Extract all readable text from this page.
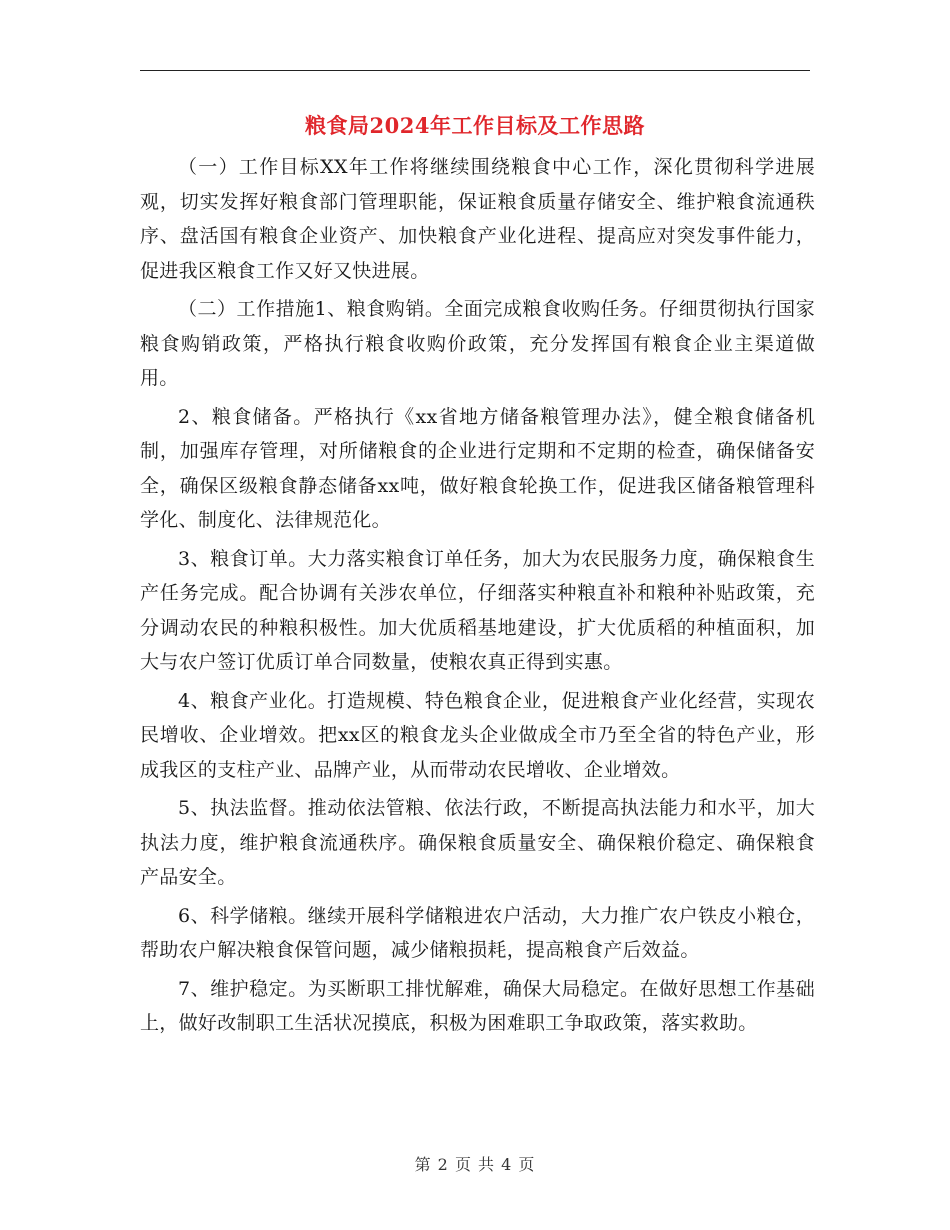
粮食局2024年工作目标及工作思路

（一）工作目标XX年工作将继续围绕粮食中心工作，深化贯彻科学进展观，切实发挥好粮食部门管理职能，保证粮食质量存储安全、维护粮食流通秩序、盘活国有粮食企业资产、加快粮食产业化进程、提高应对突发事件能力，促进我区粮食工作又好又快进展。

（二）工作措施1、粮食购销。全面完成粮食收购任务。仔细贯彻执行国家粮食购销政策，严格执行粮食收购价政策，充分发挥国有粮食企业主渠道做用。

2、粮食储备。严格执行《xx省地方储备粮管理办法》，健全粮食储备机制，加强库存管理，对所储粮食的企业进行定期和不定期的检查，确保储备安全，确保区级粮食静态储备xx吨，做好粮食轮换工作，促进我区储备粮管理科学化、制度化、法律规范化。

3、粮食订单。大力落实粮食订单任务，加大为农民服务力度，确保粮食生产任务完成。配合协调有关涉农单位，仔细落实种粮直补和粮种补贴政策，充分调动农民的种粮积极性。加大优质稻基地建设，扩大优质稻的种植面积，加大与农户签订优质订单合同数量，使粮农真正得到实惠。

4、粮食产业化。打造规模、特色粮食企业，促进粮食产业化经营，实现农民增收、企业增效。把xx区的粮食龙头企业做成全市乃至全省的特色产业，形成我区的支柱产业、品牌产业，从而带动农民增收、企业增效。

5、执法监督。推动依法管粮、依法行政，不断提高执法能力和水平，加大执法力度，维护粮食流通秩序。确保粮食质量安全、确保粮价稳定、确保粮食产品安全。

6、科学储粮。继续开展科学储粮进农户活动，大力推广农户铁皮小粮仓，帮助农户解决粮食保管问题，减少储粮损耗，提高粮食产后效益。

7、维护稳定。为买断职工排忧解难，确保大局稳定。在做好思想工作基础上，做好改制职工生活状况摸底，积极为困难职工争取政策，落实救助。

第 2 页 共 4 页
